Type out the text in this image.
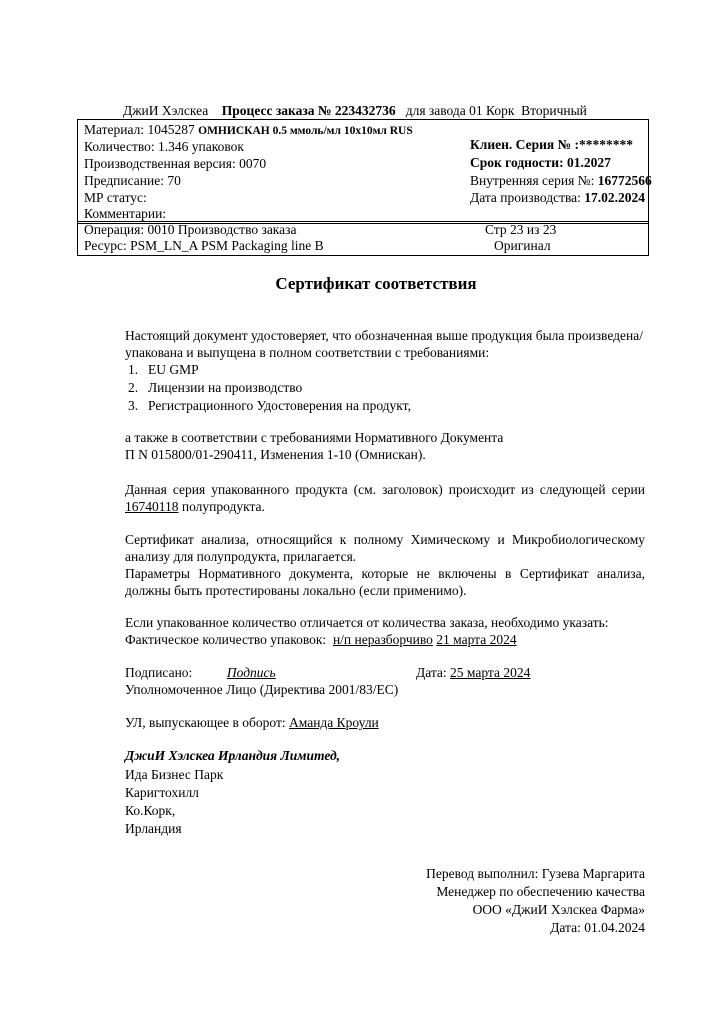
ДжиИ Хэлскеа Процесс заказа № 223432736 для завода 01 Корк Вторичный
Материал: 1045287 ОМНИСКАН 0.5 ммоль/мл 10x10мл RUS
Количество: 1.346 упаковок
Производственная версия: 0070
Предписание: 70
МР статус:
Комментарии:
Клиен. Серия № :********
Срок годности: 01.2027
Внутренняя серия №: 16772566
Дата производства: 17.02.2024
Операция: 0010 Производство заказа
Ресурс: PSM_LN_A PSM Packaging line B
Стр 23 из 23
Оригинал
Сертификат соответствия
Настоящий документ удостоверяет, что обозначенная выше продукция была произведена/ упакована и выпущена в полном соответствии с требованиями:
1. EU GMP
2. Лицензии на производство
3. Регистрационного Удостоверения на продукт,
а также в соответствии с требованиями Нормативного Документа
П N 015800/01-290411, Изменения 1-10 (Омнискан).
Данная серия упакованного продукта (см. заголовок) происходит из следующей серии 16740118 полупродукта.
Сертификат анализа, относящийся к полному Химическому и Микробиологическому анализу для полупродукта, прилагается.
Параметры Нормативного документа, которые не включены в Сертификат анализа, должны быть протестированы локально (если применимо).
Если упакованное количество отличается от количества заказа, необходимо указать:
Фактическое количество упаковок: н/п неразборчиво 21 марта 2024
Подписано:	Подпись	Дата: 25 марта 2024
Уполномоченное Лицо (Директива 2001/83/ЕС)
УЛ, выпускающее в оборот: Аманда Кроули
ДжиИ Хэлскеа Ирландия Лимитед,
Ида Бизнес Парк
Каригтохилл
Ко.Корк,
Ирландия
Перевод выполнил: Гузева Маргарита
Менеджер по обеспечению качества
ООО «ДжиИ Хэлскеа Фарма»
Дата: 01.04.2024
